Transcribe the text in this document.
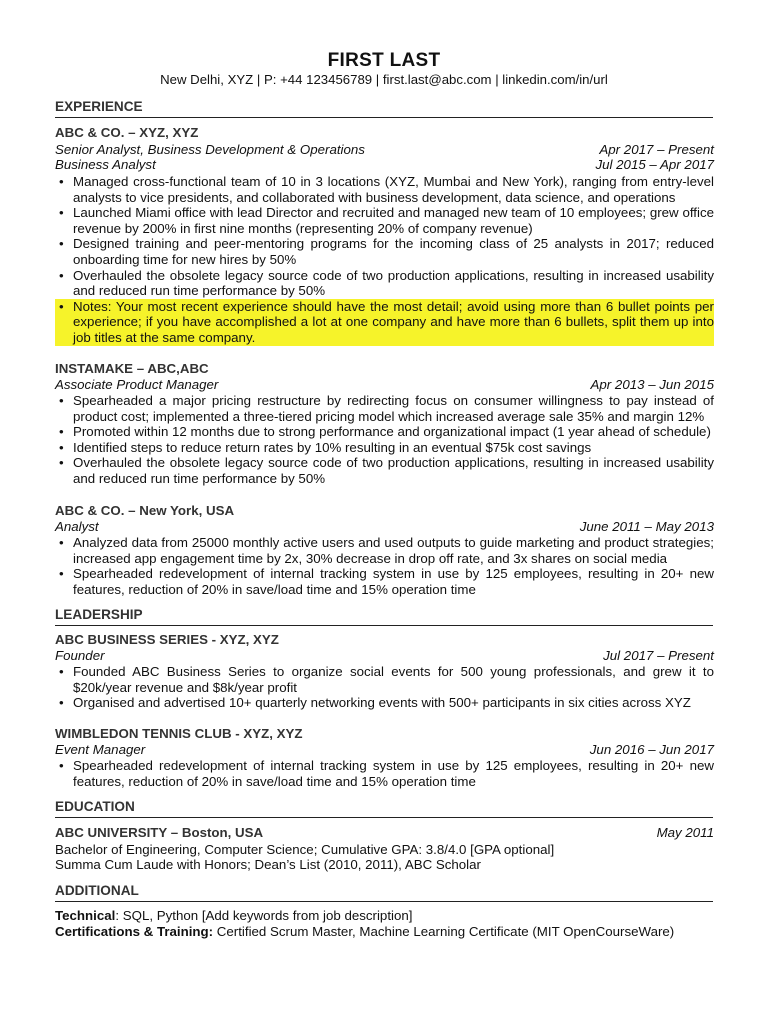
FIRST LAST
New Delhi, XYZ | P: +44 123456789 | first.last@abc.com | linkedin.com/in/url
EXPERIENCE
ABC & CO. – XYZ, XYZ
Senior Analyst, Business Development & Operations	Apr 2017 – Present
Business Analyst	Jul 2015 – Apr 2017
• Managed cross-functional team of 10 in 3 locations (XYZ, Mumbai and New York), ranging from entry-level analysts to vice presidents, and collaborated with business development, data science, and operations
• Launched Miami office with lead Director and recruited and managed new team of 10 employees; grew office revenue by 200% in first nine months (representing 20% of company revenue)
• Designed training and peer-mentoring programs for the incoming class of 25 analysts in 2017; reduced onboarding time for new hires by 50%
• Overhauled the obsolete legacy source code of two production applications, resulting in increased usability and reduced run time performance by 50%
• Notes: Your most recent experience should have the most detail; avoid using more than 6 bullet points per experience; if you have accomplished a lot at one company and have more than 6 bullets, split them up into job titles at the same company.
INSTAMAKE – ABC,ABC
Associate Product Manager	Apr 2013 – Jun 2015
• Spearheaded a major pricing restructure by redirecting focus on consumer willingness to pay instead of product cost; implemented a three-tiered pricing model which increased average sale 35% and margin 12%
• Promoted within 12 months due to strong performance and organizational impact (1 year ahead of schedule)
• Identified steps to reduce return rates by 10% resulting in an eventual $75k cost savings
• Overhauled the obsolete legacy source code of two production applications, resulting in increased usability and reduced run time performance by 50%
ABC & CO. – New York, USA
Analyst	June 2011 – May 2013
• Analyzed data from 25000 monthly active users and used outputs to guide marketing and product strategies; increased app engagement time by 2x, 30% decrease in drop off rate, and 3x shares on social media
• Spearheaded redevelopment of internal tracking system in use by 125 employees, resulting in 20+ new features, reduction of 20% in save/load time and 15% operation time
LEADERSHIP
ABC BUSINESS SERIES - XYZ, XYZ
Founder	Jul 2017 – Present
• Founded ABC Business Series to organize social events for 500 young professionals, and grew it to $20k/year revenue and $8k/year profit
• Organised and advertised 10+ quarterly networking events with 500+ participants in six cities across XYZ
WIMBLEDON TENNIS CLUB - XYZ, XYZ
Event Manager	Jun 2016 – Jun 2017
• Spearheaded redevelopment of internal tracking system in use by 125 employees, resulting in 20+ new features, reduction of 20% in save/load time and 15% operation time
EDUCATION
ABC UNIVERSITY – Boston, USA	May 2011
Bachelor of Engineering, Computer Science; Cumulative GPA: 3.8/4.0 [GPA optional]
Summa Cum Laude with Honors; Dean’s List (2010, 2011), ABC Scholar
ADDITIONAL
Technical: SQL, Python [Add keywords from job description]
Certifications & Training: Certified Scrum Master, Machine Learning Certificate (MIT OpenCourseWare)
